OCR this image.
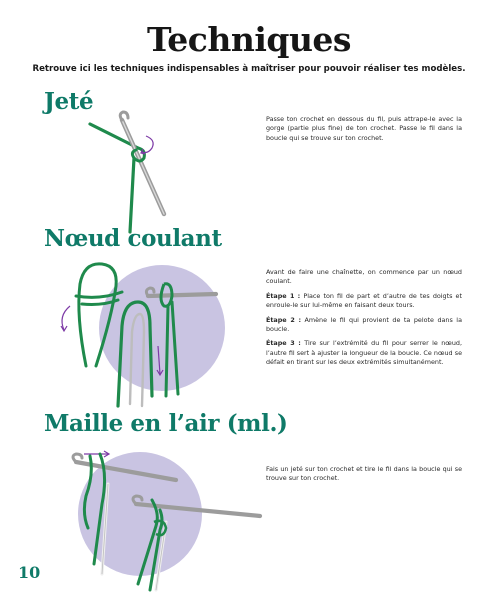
Techniques
Retrouve ici les techniques indispensables à maîtriser pour pouvoir réaliser tes modèles.
Jeté
Passe ton crochet en dessous du fil, puis attrape-le avec la gorge (partie plus fine) de ton crochet. Passe le fil dans la boucle qui se trouve sur ton crochet.
Nœud coulant

Avant de faire une chaînette, on commence par un nœud coulant.

Étape 1 : Place ton fil de part et d’autre de tes doigts et enroule-le sur lui-même en faisant deux tours.

Étape 2 : Amène le fil qui provient de ta pelote dans la boucle.

Étape 3 : Tire sur l’extrémité du fil pour serrer le nœud, l’autre fil sert à ajuster la longueur de la boucle. Ce nœud se défait en tirant sur les deux extrémités simultanément.

Maille en l’air (ml.)
Fais un jeté sur ton crochet et tire le fil dans la boucle qui se trouve sur ton crochet.
10
